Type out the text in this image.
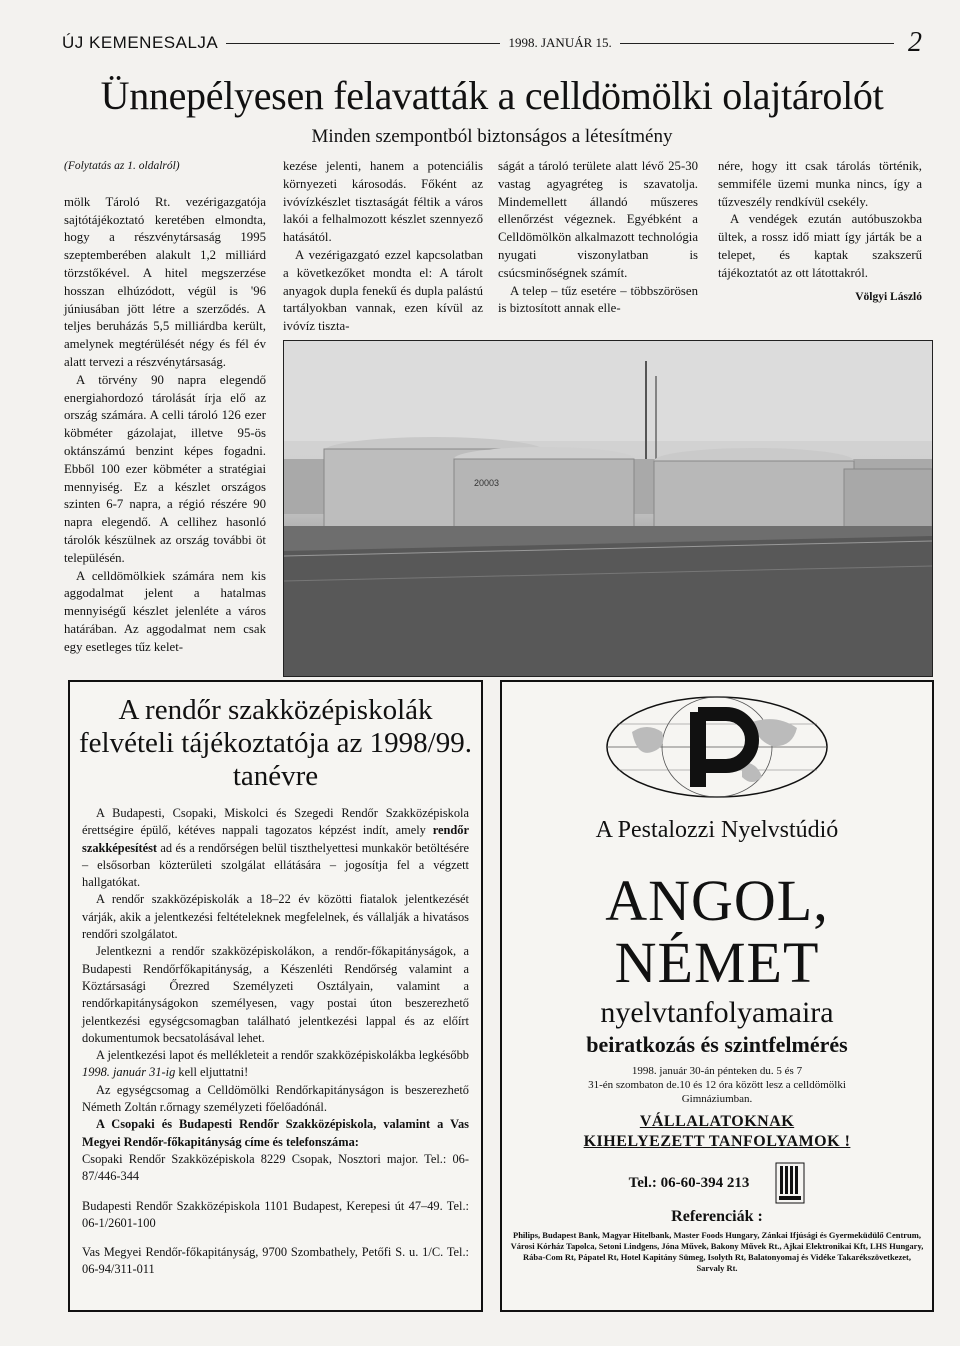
ÚJ KEMENESALJA	1998. JANUÁR 15.	2
Ünnepélyesen felavatták a celldömölki olajtárolót
Minden szempontból biztonságos a létesítmény

(Folytatás az 1. oldalról)

mölk Tároló Rt. vezérigazgatója sajtótájékoztató keretében elmondta, hogy a részvénytársaság 1995 szeptemberében alakult 1,2 milliárd törzstőkével. A hitel megszerzése hosszan elhúzódott, végül is '96 júniusában jött létre a szerződés. A teljes beruházás 5,5 milliárdba került, amelynek megtérülését négy és fél év alatt tervezi a részvénytársaság.

A törvény 90 napra elegendő energiahordozó tárolását írja elő az ország számára. A celli tároló 126 ezer köbméter gázolajat, illetve 95-ös oktánszámú benzint képes fogadni. Ebből 100 ezer köbméter a stratégiai mennyiség. Ez a készlet országos szinten 6-7 napra, a régió részére 90 napra elegendő. A cellihez hasonló tárolók készülnek az ország további öt településén.

A celldömölkiek számára nem kis aggodalmat jelent a hatalmas mennyiségű készlet jelenléte a város határában. Az aggodalmat nem csak egy esetleges tűz kelet-

kezése jelenti, hanem a potenciális környezeti károsodás. Főként az ivóvízkészlet tisztaságát féltik a város lakói a felhalmozott készlet szennyező hatásától.

A vezérigazgató ezzel kapcsolatban a következőket mondta el: A tárolt anyagok dupla fenekű és dupla palástú tartályokban vannak, ezen kívül az ivóvíz tiszta-

ságát a tároló területe alatt lévő 25-30 vastag agyagréteg is szavatolja. Mindemellett állandó műszeres ellenőrzést végeznek. Egyébként a Celldömölkön alkalmazott technológia nyugati viszonylatban is csúcsminőségnek számít.

A telep – tűz esetére – többszörösen is biztosított annak elle-

nére, hogy itt csak tárolás történik, semmiféle üzemi munka nincs, így a tűzveszély rendkívül csekély.

A vendégek ezután autóbuszokba ültek, a rossz idő miatt így járták be a telepet, és kaptak szakszerű tájékoztatót az ott látottakról.

Völgyi László

20003
A rendőr szakközépiskolák felvételi tájékoztatója az 1998/99. tanévre

A Budapesti, Csopaki, Miskolci és Szegedi Rendőr Szakközépiskola érettségire épülő, kétéves nappali tagozatos képzést indít, amely rendőr szakképesítést ad és a rendőrségen belül tiszthelyettesi munkakör betöltésére – elsősorban közterületi szolgálat ellátására – jogosítja fel a végzett hallgatókat.

A rendőr szakközépiskolák a 18–22 év közötti fiatalok jelentkezését várják, akik a jelentkezési feltételeknek megfelelnek, és vállalják a hivatásos rendőri szolgálatot.

Jelentkezni a rendőr szakközépiskolákon, a rendőr-főkapitányságok, a Budapesti Rendőrfőkapitányság, a Készenléti Rendőrség valamint a Köztársasági Őrezred Személyzeti Osztályain, valamint a rendőrkapitányságokon személyesen, vagy postai úton beszerezhető jelentkezési egységcsomagban található jelentkezési lappal és az előírt dokumentumok becsatolásával lehet.

A jelentkezési lapot és mellékleteit a rendőr szakközépiskolákba legkésőbb 1998. január 31-ig kell eljuttatni!

Az egységcsomag a Celldömölki Rendőrkapitányságon is beszerezhető Németh Zoltán r.őrnagy személyzeti főelőadónál.

A Csopaki és Budapesti Rendőr Szakközépiskola, valamint a Vas Megyei Rendőr-főkapitányság címe és telefonszáma:

Csopaki Rendőr Szakközépiskola 8229 Csopak, Nosztori major. Tel.: 06-87/446-344

Budapesti Rendőr Szakközépiskola 1101 Budapest, Kerepesi út 47–49. Tel.: 06-1/2601-100

Vas Megyei Rendőr-főkapitányság, 9700 Szombathely, Petőfi S. u. 1/C. Tel.: 06-94/311-011

A Pestalozzi Nyelvstúdió
ANGOL,
NÉMET
nyelvtanfolyamaira
beiratkozás és szintfelmérés
1998. január 30-án pénteken du. 5 és 7
31-én szombaton de.10 és 12 óra között lesz a celldömölki Gimnáziumban.
VÁLLALATOKNAK KIHELYEZETT TANFOLYAMOK !
Tel.: 06-60-394 213
Referenciák :
Philips, Budapest Bank, Magyar Hitelbank, Master Foods Hungary, Zánkai Ifjúsági és Gyermeküdülő Centrum, Városi Kórház Tapolca, Setoni Lindgens, Jóna Művek, Bakony Művek Rt., Ajkai Elektronikai Kft, LHS Hungary, Rába-Com Rt, Pápatel Rt, Hotel Kapitány Sümeg, Isolyth Rt, Balatonyomaj és Vidéke Takarékszövetkezet, Sarvaly Rt.
